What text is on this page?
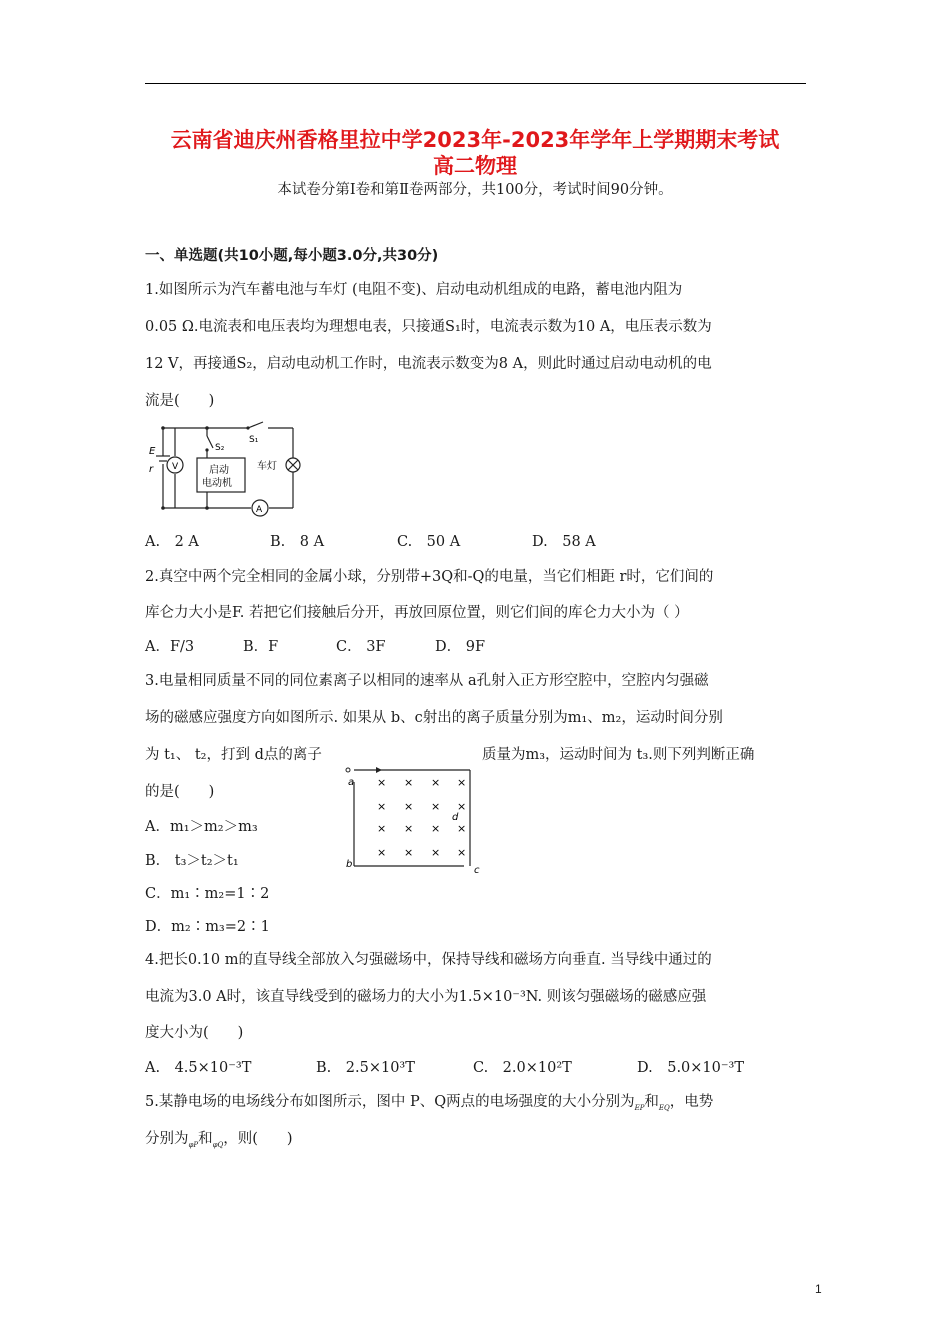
云南省迪庆州香格里拉中学2023年-2023年学年上学期期末考试
高二物理
本试卷分第Ⅰ卷和第Ⅱ卷两部分，共100分，考试时间90分钟。
一、单选题(共10小题,每小题3.0分,共30分)
1.如图所示为汽车蓄电池与车灯 (电阻不变)、启动电动机组成的电路，蓄电池内阻为
0.05 Ω.电流表和电压表均为理想电表，只接通S₁时，电流表示数为10 A，电压表示数为
12 V，再接通S₂，启动电动机工作时，电流表示数变为8 A，则此时通过启动电动机的电
流是(　　)
E
r V
A
S₁
S₂
启动
电动机
车灯
A.　2 A	B.　8 A	C.　50 A	D.　58 A
2.真空中两个完全相同的金属小球，分别带+3Q和-Q的电量，当它们相距 r时，它们间的
库仑力大小是F. 若把它们接触后分开，再放回原位置，则它们间的库仑力大小为（ ）
A．F/3	B．F	C． 3F	D． 9F
3.电量相同质量不同的同位素离子以相同的速率从 a孔射入正方形空腔中，空腔内匀强磁
场的磁感应强度方向如图所示. 如果从 b、c射出的离子质量分别为m₁、m₂，运动时间分别
为 t₁、 t₂，打到 d点的离子	质量为m₃，运动时间为 t₃.则下列判断正确
的是(　　)
a
b
c
d
× × × ×
× × × ×
× × × ×
× × × ×
A．m₁＞m₂＞m₃
B． t₃＞t₂＞t₁
C．m₁∶m₂=1∶2
D．m₂∶m₃=2∶1
4.把长0.10 m的直导线全部放入匀强磁场中，保持导线和磁场方向垂直. 当导线中通过的
电流为3.0 A时，该直导线受到的磁场力的大小为1.5×10⁻³N. 则该匀强磁场的磁感应强
度大小为(　　)
A.　4.5×10⁻³T	B.　2.5×10³T	C.　2.0×10²T	D.　5.0×10⁻³T
5.某静电场的电场线分布如图所示，图中 P、Q两点的电场强度的大小分别为$_{EP}$和$_{EQ}$，电势
分别为$_{\varphi P}$和$_{\varphi Q}$，则(　　)
1
